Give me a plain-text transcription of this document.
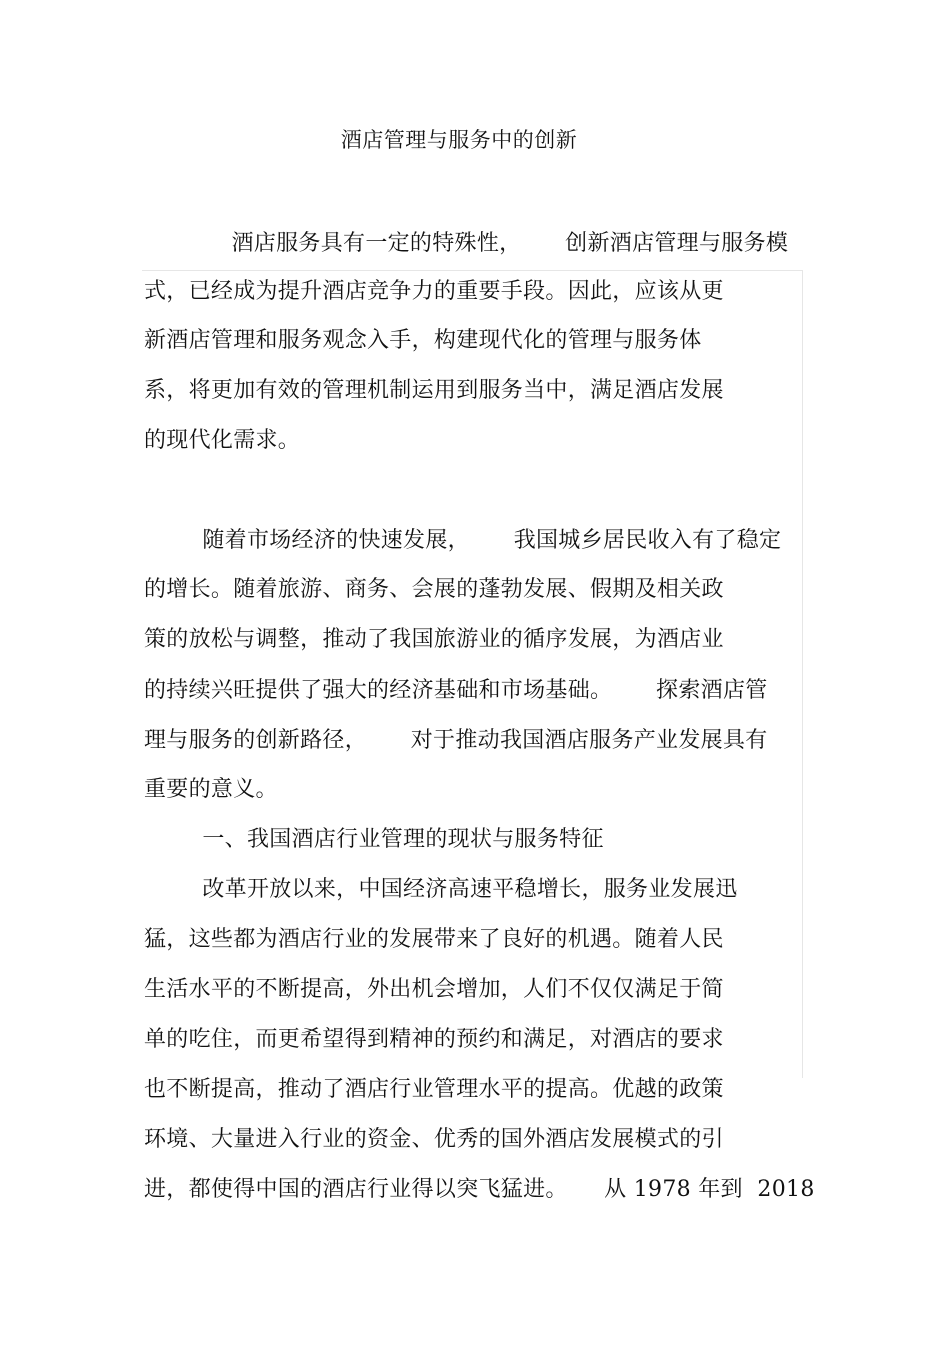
酒店管理与服务中的创新
酒店服务具有一定的特殊性，      创新酒店管理与服务模
式，已经成为提升酒店竞争力的重要手段。因此，应该从更
新酒店管理和服务观念入手，构建现代化的管理与服务体
系，将更加有效的管理机制运用到服务当中，满足酒店发展
的现代化需求。
随着市场经济的快速发展，      我国城乡居民收入有了稳定
的增长。随着旅游、商务、会展的蓬勃发展、假期及相关政
策的放松与调整，推动了我国旅游业的循序发展，为酒店业
的持续兴旺提供了强大的经济基础和市场基础。      探索酒店管
理与服务的创新路径，      对于推动我国酒店服务产业发展具有
重要的意义。
一、我国酒店行业管理的现状与服务特征
改革开放以来，中国经济高速平稳增长，服务业发展迅
猛，这些都为酒店行业的发展带来了良好的机遇。随着人民
生活水平的不断提高，外出机会增加，人们不仅仅满足于简
单的吃住，而更希望得到精神的预约和满足，对酒店的要求
也不断提高，推动了酒店行业管理水平的提高。优越的政策
环境、大量进入行业的资金、优秀的国外酒店发展模式的引
进，都使得中国的酒店行业得以突飞猛进。     从 1978 年到  2018
